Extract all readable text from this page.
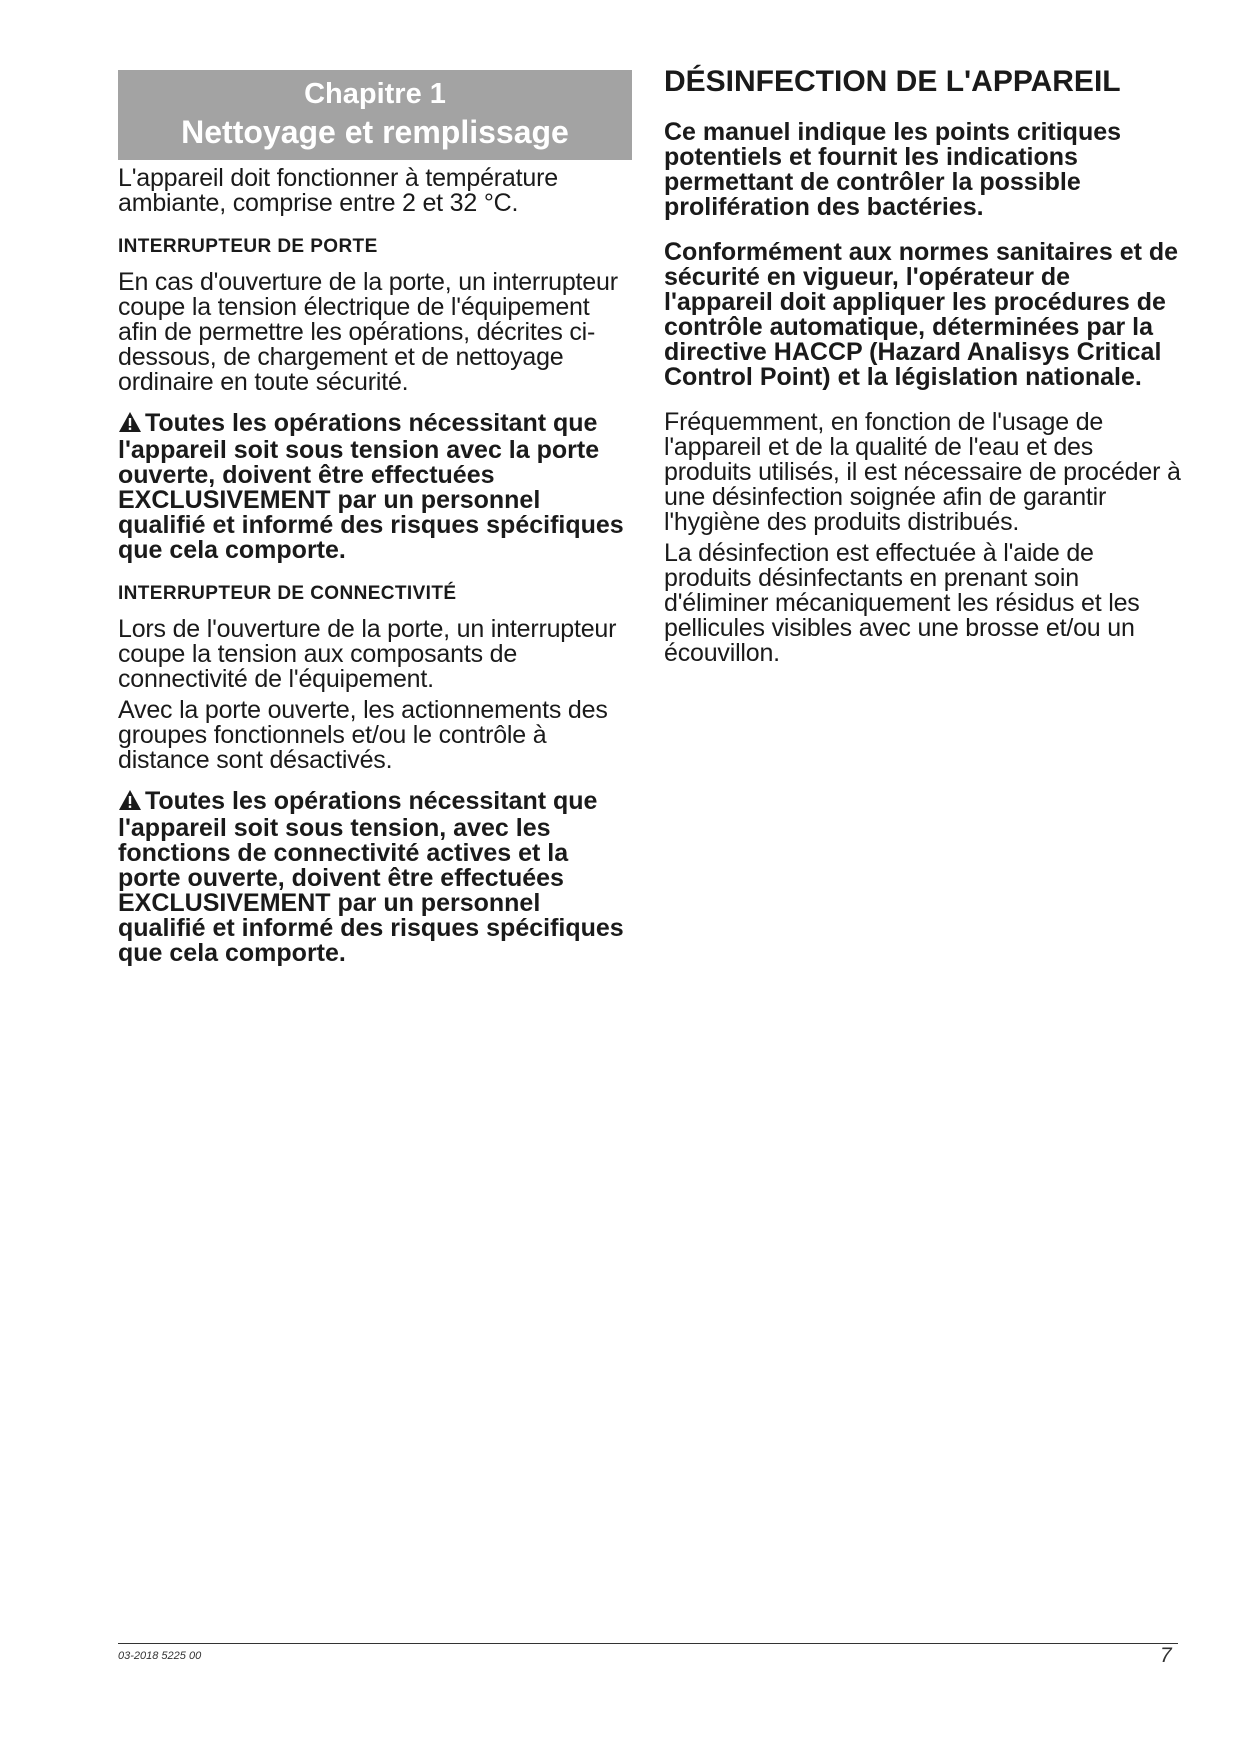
Chapitre 1
Nettoyage et remplissage

L'appareil doit fonctionner à température ambiante, comprise entre 2 et 32 °C.

INTERRUPTEUR DE PORTE

En cas d'ouverture de la porte, un interrupteur coupe la tension électrique de l'équipement afin de permettre les opérations, décrites ci-dessous, de chargement et de nettoyage ordinaire en toute sécurité.

Toutes les opérations nécessitant que l'appareil soit sous tension avec la porte ouverte, doivent être effectuées EXCLUSIVEMENT par un personnel qualifié et informé des risques spécifiques que cela comporte.
INTERRUPTEUR DE CONNECTIVITÉ

Lors de l'ouverture de la porte, un interrupteur coupe la tension aux composants de connectivité de l'équipement.

Avec la porte ouverte, les actionnements des groupes fonctionnels et/ou le contrôle à distance sont désactivés.

Toutes les opérations nécessitant que l'appareil soit sous tension, avec les fonctions de connectivité actives et la porte ouverte, doivent être effectuées EXCLUSIVEMENT par un personnel qualifié et informé des risques spécifiques que cela comporte.
DÉSINFECTION DE L'APPAREIL

Ce manuel indique les points critiques potentiels et fournit les indications permettant de contrôler la possible prolifération des bactéries.

Conformément aux normes sanitaires et de sécurité en vigueur, l'opérateur de l'appareil doit appliquer les procédures de contrôle automatique, déterminées par la directive HACCP (Hazard Analisys Critical Control Point) et la législation nationale.

Fréquemment, en fonction de l'usage de l'appareil et de la qualité de l'eau et des produits utilisés, il est nécessaire de procéder à une désinfection soignée afin de garantir l'hygiène des produits distribués.

La désinfection est effectuée à l'aide de produits désinfectants en prenant soin d'éliminer mécaniquement les résidus et les pellicules visibles avec une brosse et/ou un écouvillon.

03-2018 5225 00	7
